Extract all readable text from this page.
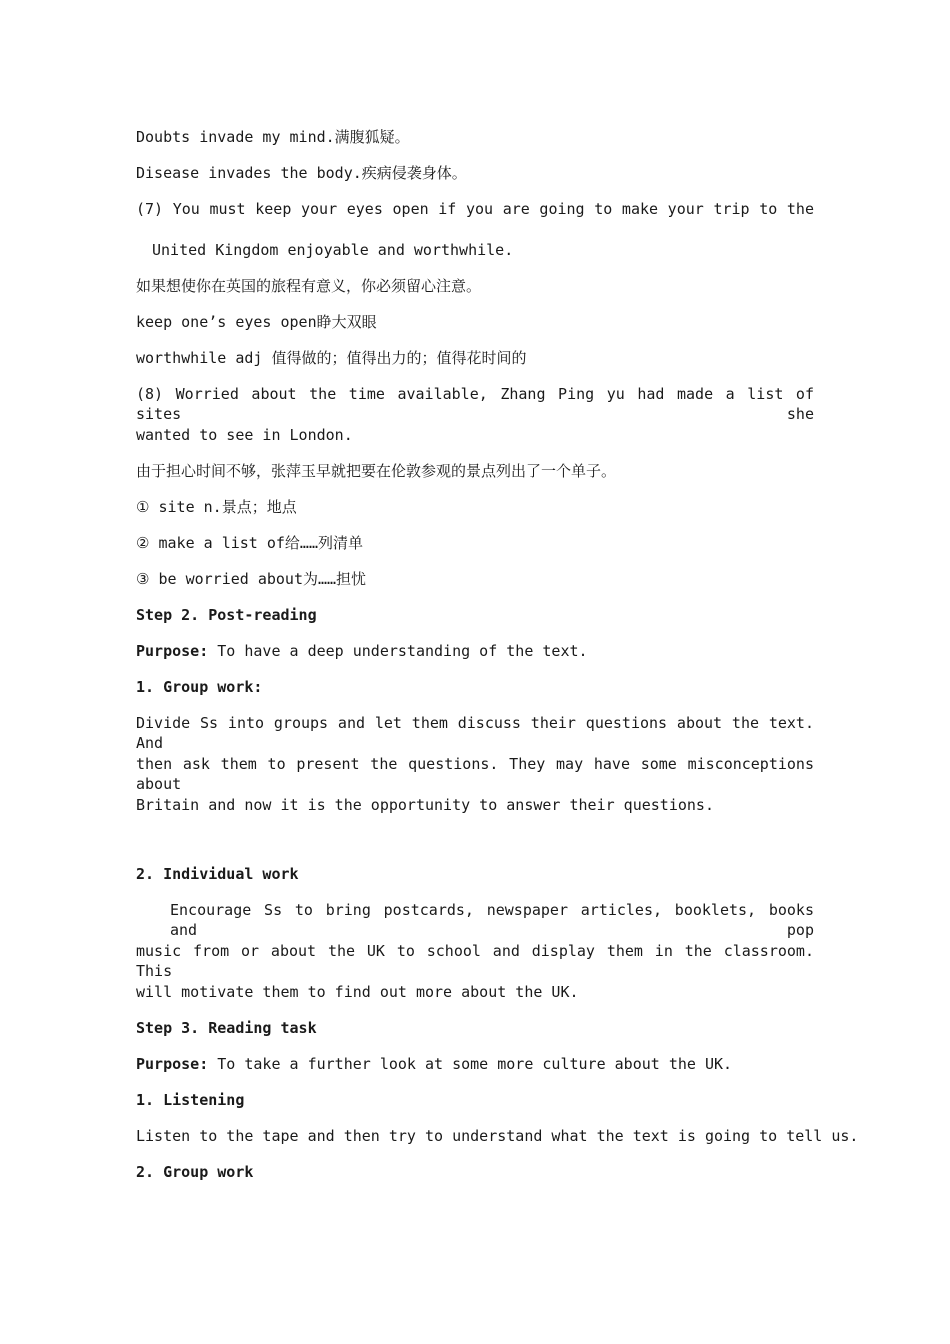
Doubts invade my mind.满腹狐疑。
Disease invades the body.疾病侵袭身体。
(7) You must keep your eyes open if you are going to make your trip to the
United Kingdom enjoyable and worthwhile.
如果想使你在英国的旅程有意义，你必须留心注意。
keep one’s eyes open睁大双眼
worthwhile adj 值得做的；值得出力的；值得花时间的
(8) Worried about the time available, Zhang Ping yu had made a list of sites she
wanted to see in London.
由于担心时间不够，张萍玉早就把要在伦敦参观的景点列出了一个单子。
① site n.景点；地点
② make a list of给……列清单
③ be worried about为……担忧
Step 2. Post-reading
Purpose: To have a deep understanding of the text.
1. Group work:
Divide Ss into groups and let them discuss their questions about the text. And
then ask them to present the questions. They may have some misconceptions about
Britain and now it is the opportunity to answer their questions.
2. Individual work
Encourage Ss to bring postcards, newspaper articles, booklets, books and pop
music from or about the UK to school and display them in the classroom. This
will motivate them to find out more about the UK.
Step 3. Reading task
Purpose: To take a further look at some more culture about the UK.
1. Listening
Listen to the tape and then try to understand what the text is going to tell us.
2. Group work
